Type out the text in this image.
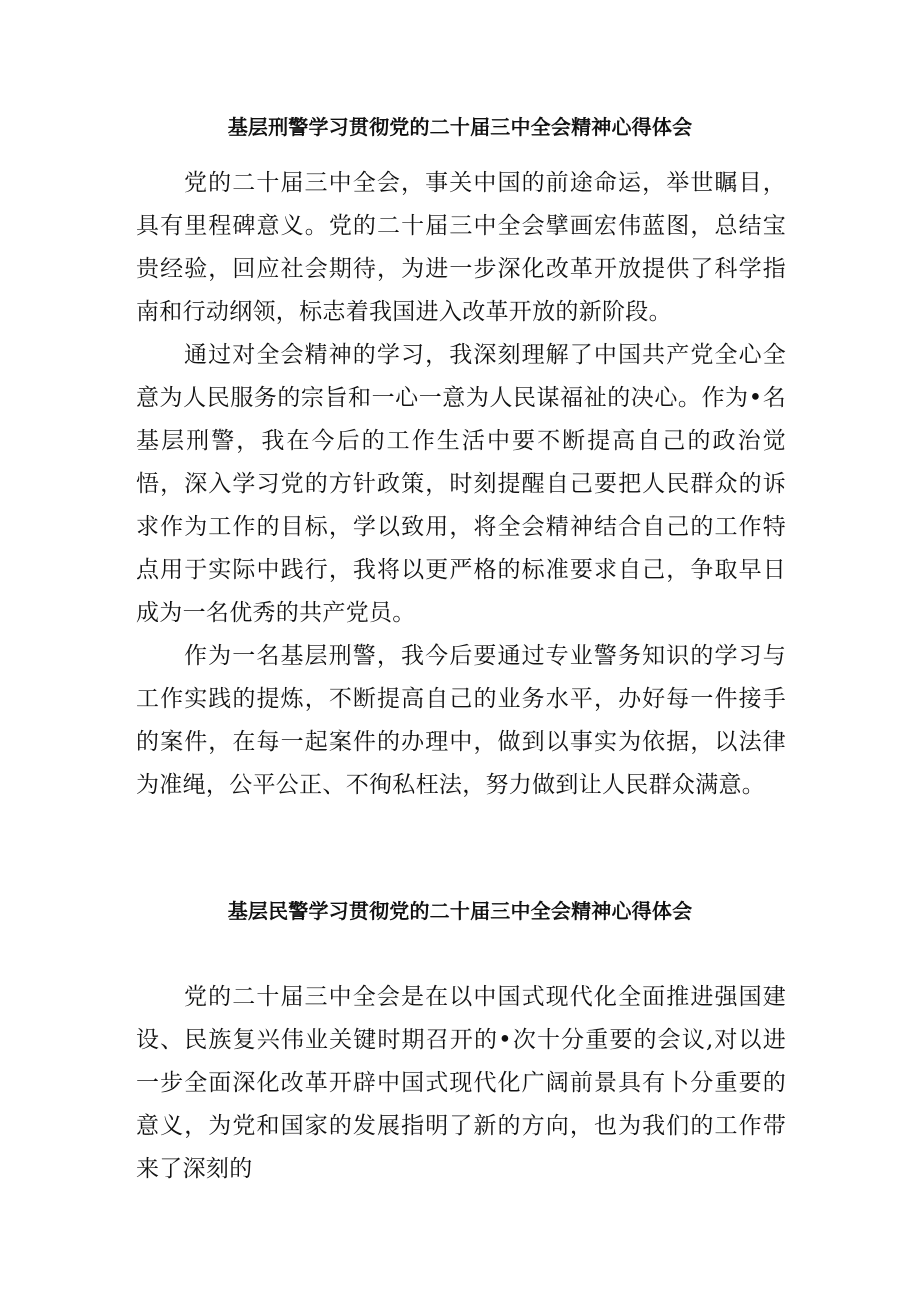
基层刑警学习贯彻党的二十届三中全会精神心得体会

党的二十届三中全会，事关中国的前途命运，举世瞩目，具有里程碑意义。党的二十届三中全会擘画宏伟蓝图，总结宝贵经验，回应社会期待，为进一步深化改革开放提供了科学指南和行动纲领，标志着我国进入改革开放的新阶段。

通过对全会精神的学习，我深刻理解了中国共产党全心全意为人民服务的宗旨和一心一意为人民谋福祉的决心。作为•名基层刑警，我在今后的工作生活中要不断提高自己的政治觉悟，深入学习党的方针政策，时刻提醒自己要把人民群众的诉求作为工作的目标，学以致用，将全会精神结合自己的工作特点用于实际中践行，我将以更严格的标准要求自己，争取早日成为一名优秀的共产党员。

作为一名基层刑警，我今后要通过专业警务知识的学习与工作实践的提炼，不断提高自己的业务水平，办好每一件接手的案件，在每一起案件的办理中，做到以事实为依据，以法律为准绳，公平公正、不徇私枉法，努力做到让人民群众满意。

基层民警学习贯彻党的二十届三中全会精神心得体会

党的二十届三中全会是在以中国式现代化全面推进强国建设、民族复兴伟业关键时期召开的•次十分重要的会议,对以进一步全面深化改革开辟中国式现代化广阔前景具有卜分重要的意义，为党和国家的发展指明了新的方向，也为我们的工作带来了深刻的
